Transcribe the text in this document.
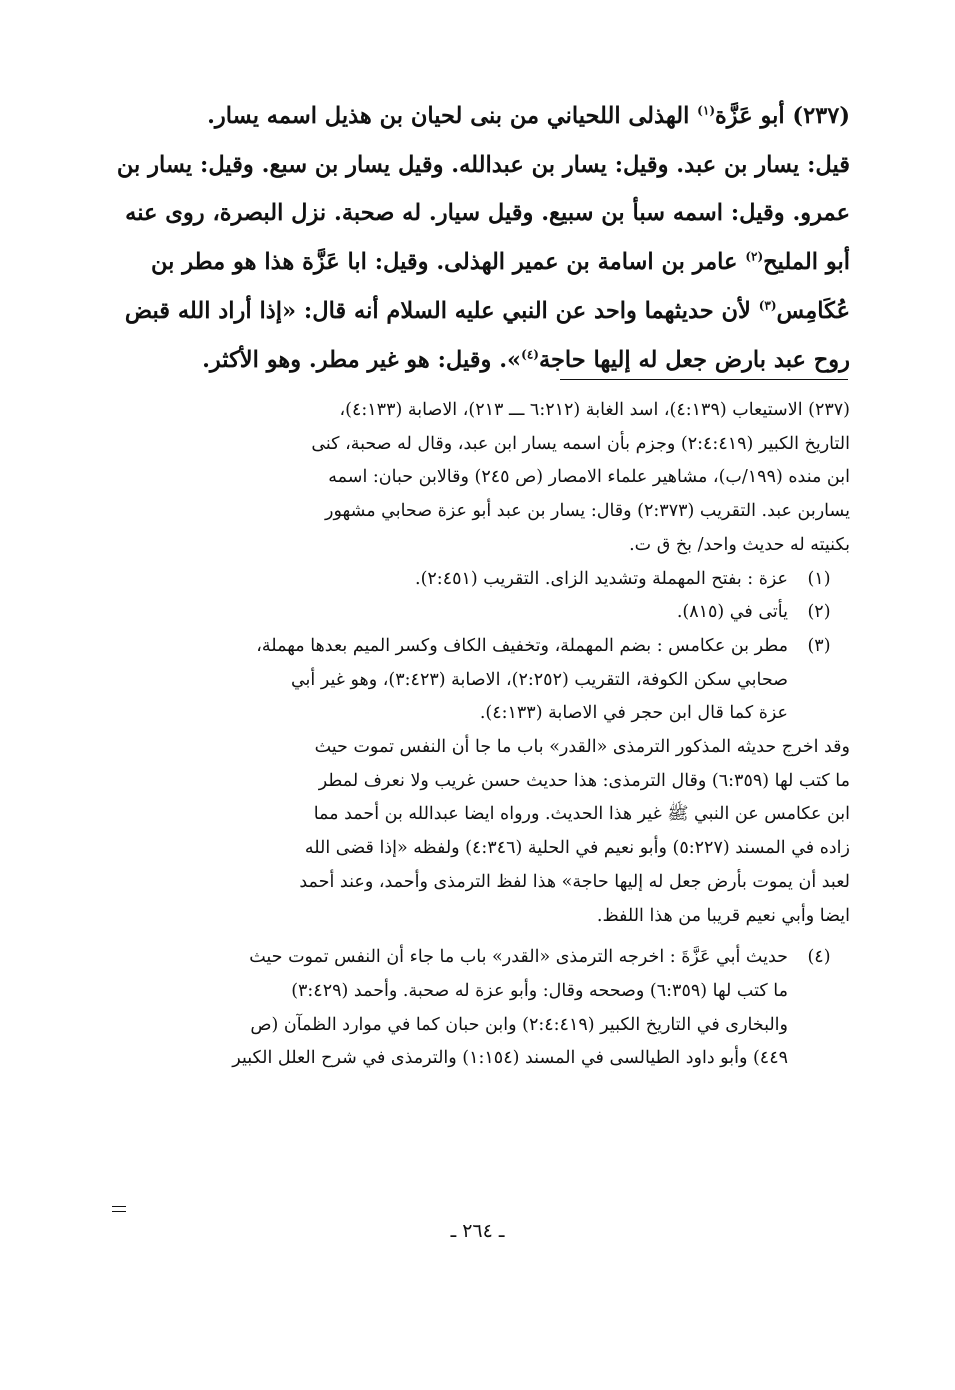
(٢٣٧) أبو عَزَّة$^{(١)}$ الهذلى اللحياني من بنى لحيان بن هذيل اسمه يسار.

قيل: يسار بن عبد. وقيل: يسار بن عبدالله. وقيل يسار بن سبع. وقيل: يسار بن

عمرو. وقيل: اسمه سبأ بن سبيع. وقيل سيار. له صحبة. نزل البصرة، روى عنه

أبو المليح$^{(٢)}$ عامر بن اسامة بن عمير الهذلى. وقيل: ابا عَزَّة هذا هو مطر بن

عُكَامِس$^{(٣)}$ لأن حديثهما واحد عن النبي عليه السلام أنه قال: «إذا أراد الله قبض

روح عبد بارض جعل له إليها حاجة$^{(٤)}$». وقيل: هو غير مطر. وهو الأكثر.

(٢٣٧) الاستيعاب (٤:١٣٩)، اسد الغابة (٦:٢١٢ ـــ ٢١٣)، الاصابة (٤:١٣٣)،

التاريخ الكبير (٢:٤:٤١٩) وجزم بأن اسمه يسار ابن عبد، وقال له صحبة، كنى

ابن منده (١٩٩/ب)، مشاهير علماء الامصار (ص ٢٤٥) وقالابن حبان: اسمه

يساربن عبد. التقريب (٢:٣٧٣) وقال: يسار بن عبد أبو عزة صحابي مشهور

بكنيته له حديث واحد/ بخ ق ت.

(١)

عزة : بفتح المهملة وتشديد الزاى. التقريب (٢:٤٥١).

(٢)

يأتى في (٨١٥).

(٣)

مطر بن عكامس : بضم المهملة، وتخفيف الكاف وكسر الميم بعدها مهملة،

صحابي سكن الكوفة، التقريب (٢:٢٥٢)، الاصابة (٣:٤٢٣)، وهو غير أبي

عزة كما قال ابن حجر في الاصابة (٤:١٣٣).

وقد اخرج حديثه المذكور الترمذى «القدر» باب ما جا أن النفس تموت حيث

ما كتب لها (٦:٣٥٩) وقال الترمذى: هذا حديث حسن غريب ولا نعرف لمطر

ابن عكامس عن النبي ﷺ غير هذا الحديث. ورواه ايضا عبدالله بن أحمد مما

زاده في المسند (٥:٢٢٧) وأبو نعيم في الحلية (٤:٣٤٦) ولفظه «إذا قضى الله

لعبد أن يموت بأرض جعل له إليها حاجة» هذا لفظ الترمذى وأحمد، وعند أحمد

ايضا وأبي نعيم قريبا من هذا اللفظ.

(٤)

حديث أبي عَزَّةَ : اخرجه الترمذى «القدر» باب ما جاء أن النفس تموت حيث

ما كتب لها (٦:٣٥٩) وصححه وقال: وأبو عزة له صحبة. وأحمد (٣:٤٢٩)

والبخارى في التاريخ الكبير (٢:٤:٤١٩) وابن حبان كما في موارد الظمآن (ص

٤٤٩) وأبو داود الطيالسى في المسند (١:١٥٤) والترمذى في شرح العلل الكبير

ـ ٢٦٤ ـ
